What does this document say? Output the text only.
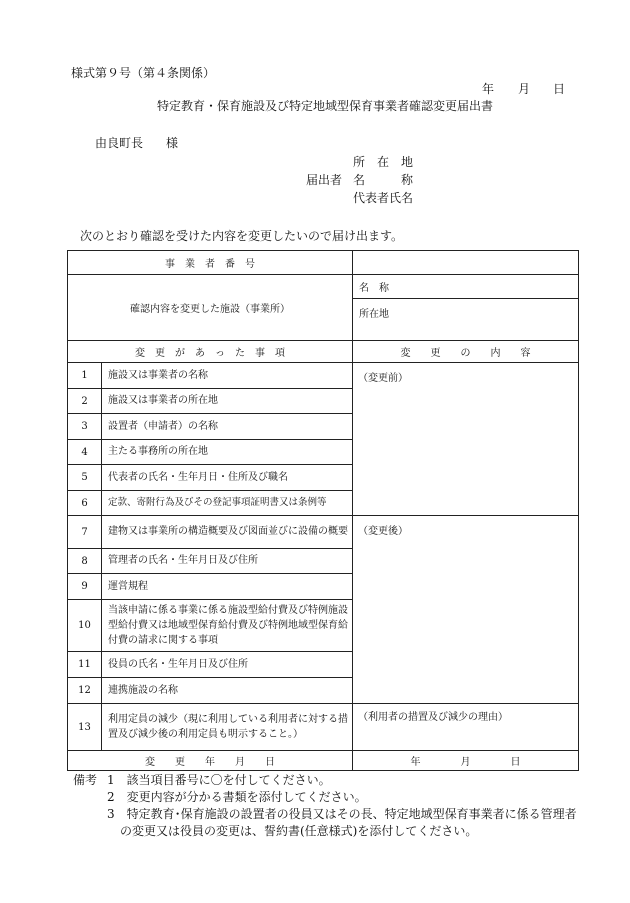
様式第９号（第４条関係）
年 月 日
特定教育・保育施設及び特定地域型保育事業者確認変更届出書
由良町長 様
所　在　地
届出者 名　　　称
代表者氏名
次のとおり確認を受けた内容を変更したいので届け出ます。
事　業　者　番　号		

確認内容を変更した施設（事業所）		名　称
		所在地
変　更　が　あ　っ　た　事　項		変　　更　　の　　内　　容
1	施設又は事業者の名称	（変更前）
2	施設又は事業者の所在地	
3	設置者（申請者）の名称	
4	主たる事務所の所在地	
5	代表者の氏名・生年月日・住所及び職名	
6	定款、寄附行為及びその登記事項証明書又は条例等	
7	建物又は事業所の構造概要及び図面並びに設備の概要	（変更後）
8	管理者の氏名・生年月日及び住所	
9	運営規程	
10	当該申請に係る事業に係る施設型給付費及び特例施設型給付費又は地域型保育給付費及び特例地域型保育給付費の請求に関する事項	
11	役員の氏名・生年月日及び住所	
12	連携施設の名称	
13	利用定員の減少（現に利用している利用者に対する措置及び減少後の利用定員も明示すること。）	（利用者の措置及び減少の理由）
変　　更　　年　　月　　日		年　　　　月　　　　日
備考 1　該当項目番号に〇を付してください。
2　変更内容が分かる書類を添付してください。
3　特定教育･保育施設の設置者の役員又はその長、特定地域型保育事業者に係る管理者
の変更又は役員の変更は、誓約書(任意様式)を添付してください。
